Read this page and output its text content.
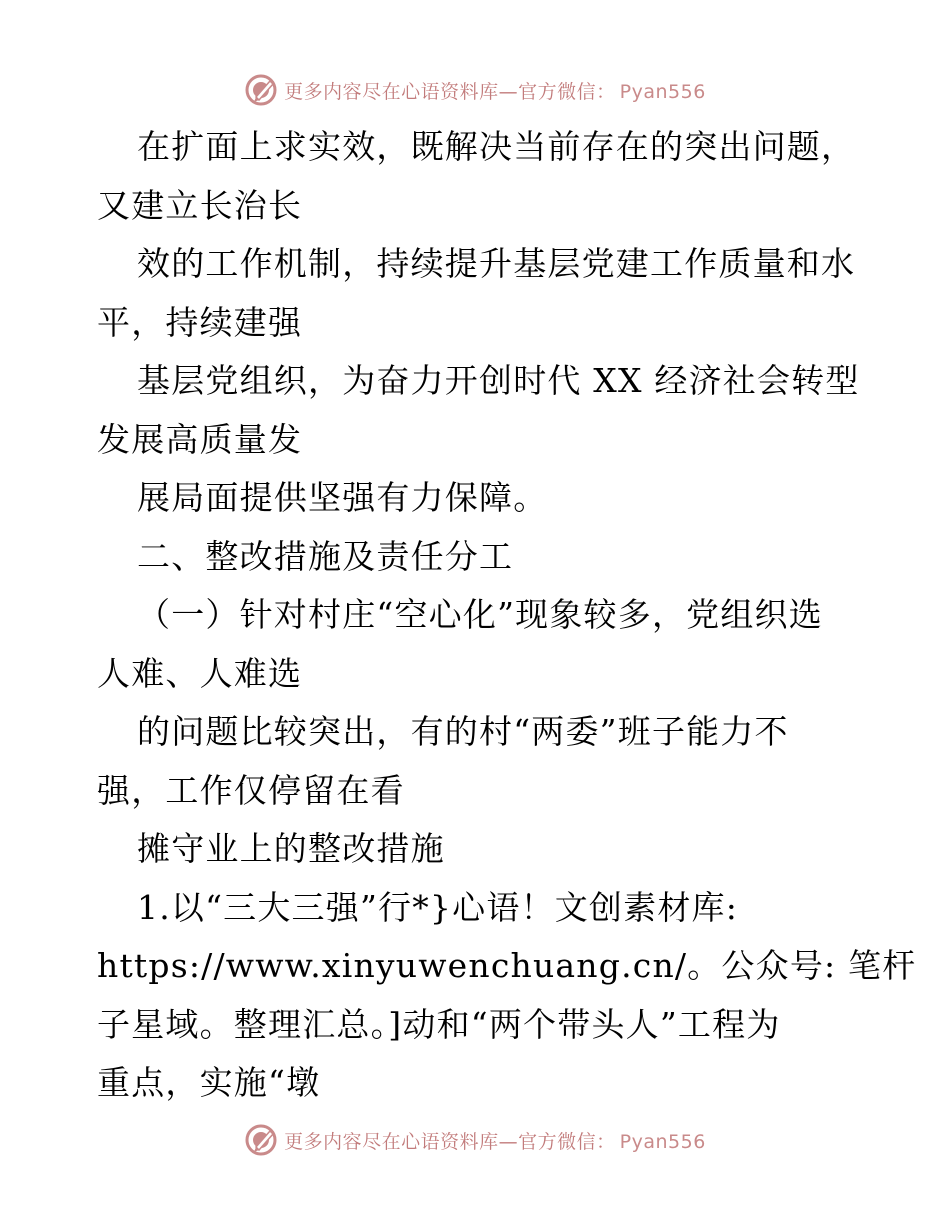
更多内容尽在心语资料库—官方微信： Pyan556
在扩面上求实效，既解决当前存在的突出问题，
又建立长治长
效的工作机制，持续提升基层党建工作质量和水
平，持续建强
基层党组织，为奋力开创时代 XX 经济社会转型
发展高质量发
展局面提供坚强有力保障。
二、整改措施及责任分工
（一）针对村庄“空心化”现象较多，党组织选
人难、人难选
的问题比较突出，有的村“两委”班子能力不
强，工作仅停留在看
摊守业上的整改措施
1.以“三大三强”行*}心语！文创素材库:
https://www.xinyuwenchuang.cn/。公众号: 笔杆
子星域。整理汇总。]动和“两个带头人”工程为
重点，实施“墩
更多内容尽在心语资料库—官方微信： Pyan556
